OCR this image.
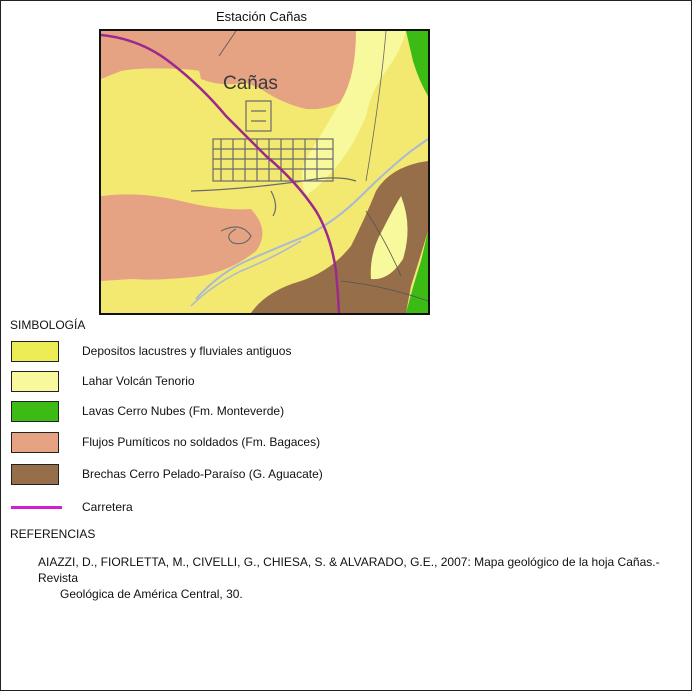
Estación Cañas
Cañas
SIMBOLOGÍA
Depositos lacustres y fluviales antiguos
Lahar Volcán Tenorio
Lavas Cerro Nubes (Fm. Monteverde)
Flujos Pumíticos no soldados (Fm. Bagaces)
Brechas Cerro Pelado-Paraíso (G. Aguacate)
Carretera
REFERENCIAS
AIAZZI, D., FIORLETTA, M., CIVELLI, G., CHIESA, S. & ALVARADO, G.E., 2007: Mapa geológico de la hoja Cañas.-Revista
Geológica de América Central, 30.
